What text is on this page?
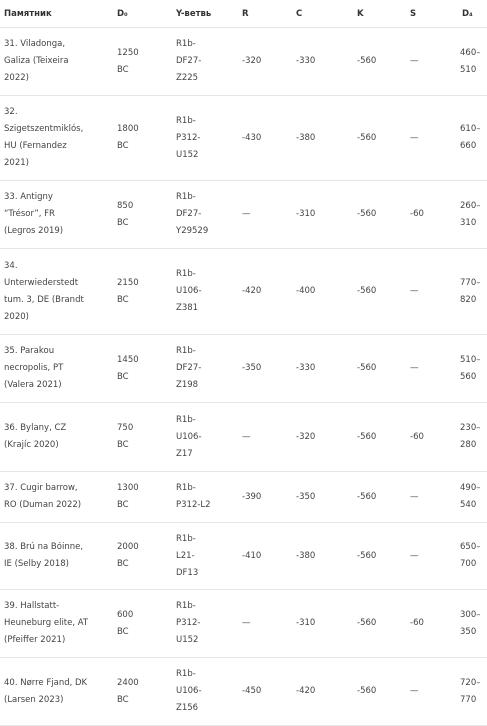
Памятник	D₀	Y-ветвь	R	C	K	S	D₄

31. Viladonga,
Galiza (Teixeira
2022)	1250
BC	R1b-
DF27-
Z225	-320	-330	-560	—	460–
510

32.
Szigetszentmiklós,
HU (Fernandez
2021)	1800
BC	R1b-
P312-
U152	-430	-380	-560	—	610–
660

33. Antigny
“Trésor”, FR
(Legros 2019)	850
BC	R1b-
DF27-
Y29529	—	-310	-560	-60	260–
310

34.
Unterwiederstedt
tum. 3, DE (Brandt
2020)	2150
BC	R1b-
U106-
Z381	-420	-400	-560	—	770–
820

35. Parakou
necropolis, PT
(Valera 2021)	1450
BC	R1b-
DF27-
Z198	-350	-330	-560	—	510–
560

36. Bylany, CZ
(Krajíc 2020)	750
BC	R1b-
U106-
Z17	—	-320	-560	-60	230–
280

37. Cugir barrow,
RO (Duman 2022)	1300
BC	R1b-
P312-L2	-390	-350	-560	—	490–
540

38. Brú na Bóinne,
IE (Selby 2018)	2000
BC	R1b-
L21-
DF13	-410	-380	-560	—	650–
700

39. Hallstatt-
Heuneburg elite, AT
(Pfeiffer 2021)	600
BC	R1b-
P312-
U152	—	-310	-560	-60	300–
350

40. Nørre Fjand, DK
(Larsen 2023)	2400
BC	R1b-
U106-
Z156	-450	-420	-560	—	720–
770
